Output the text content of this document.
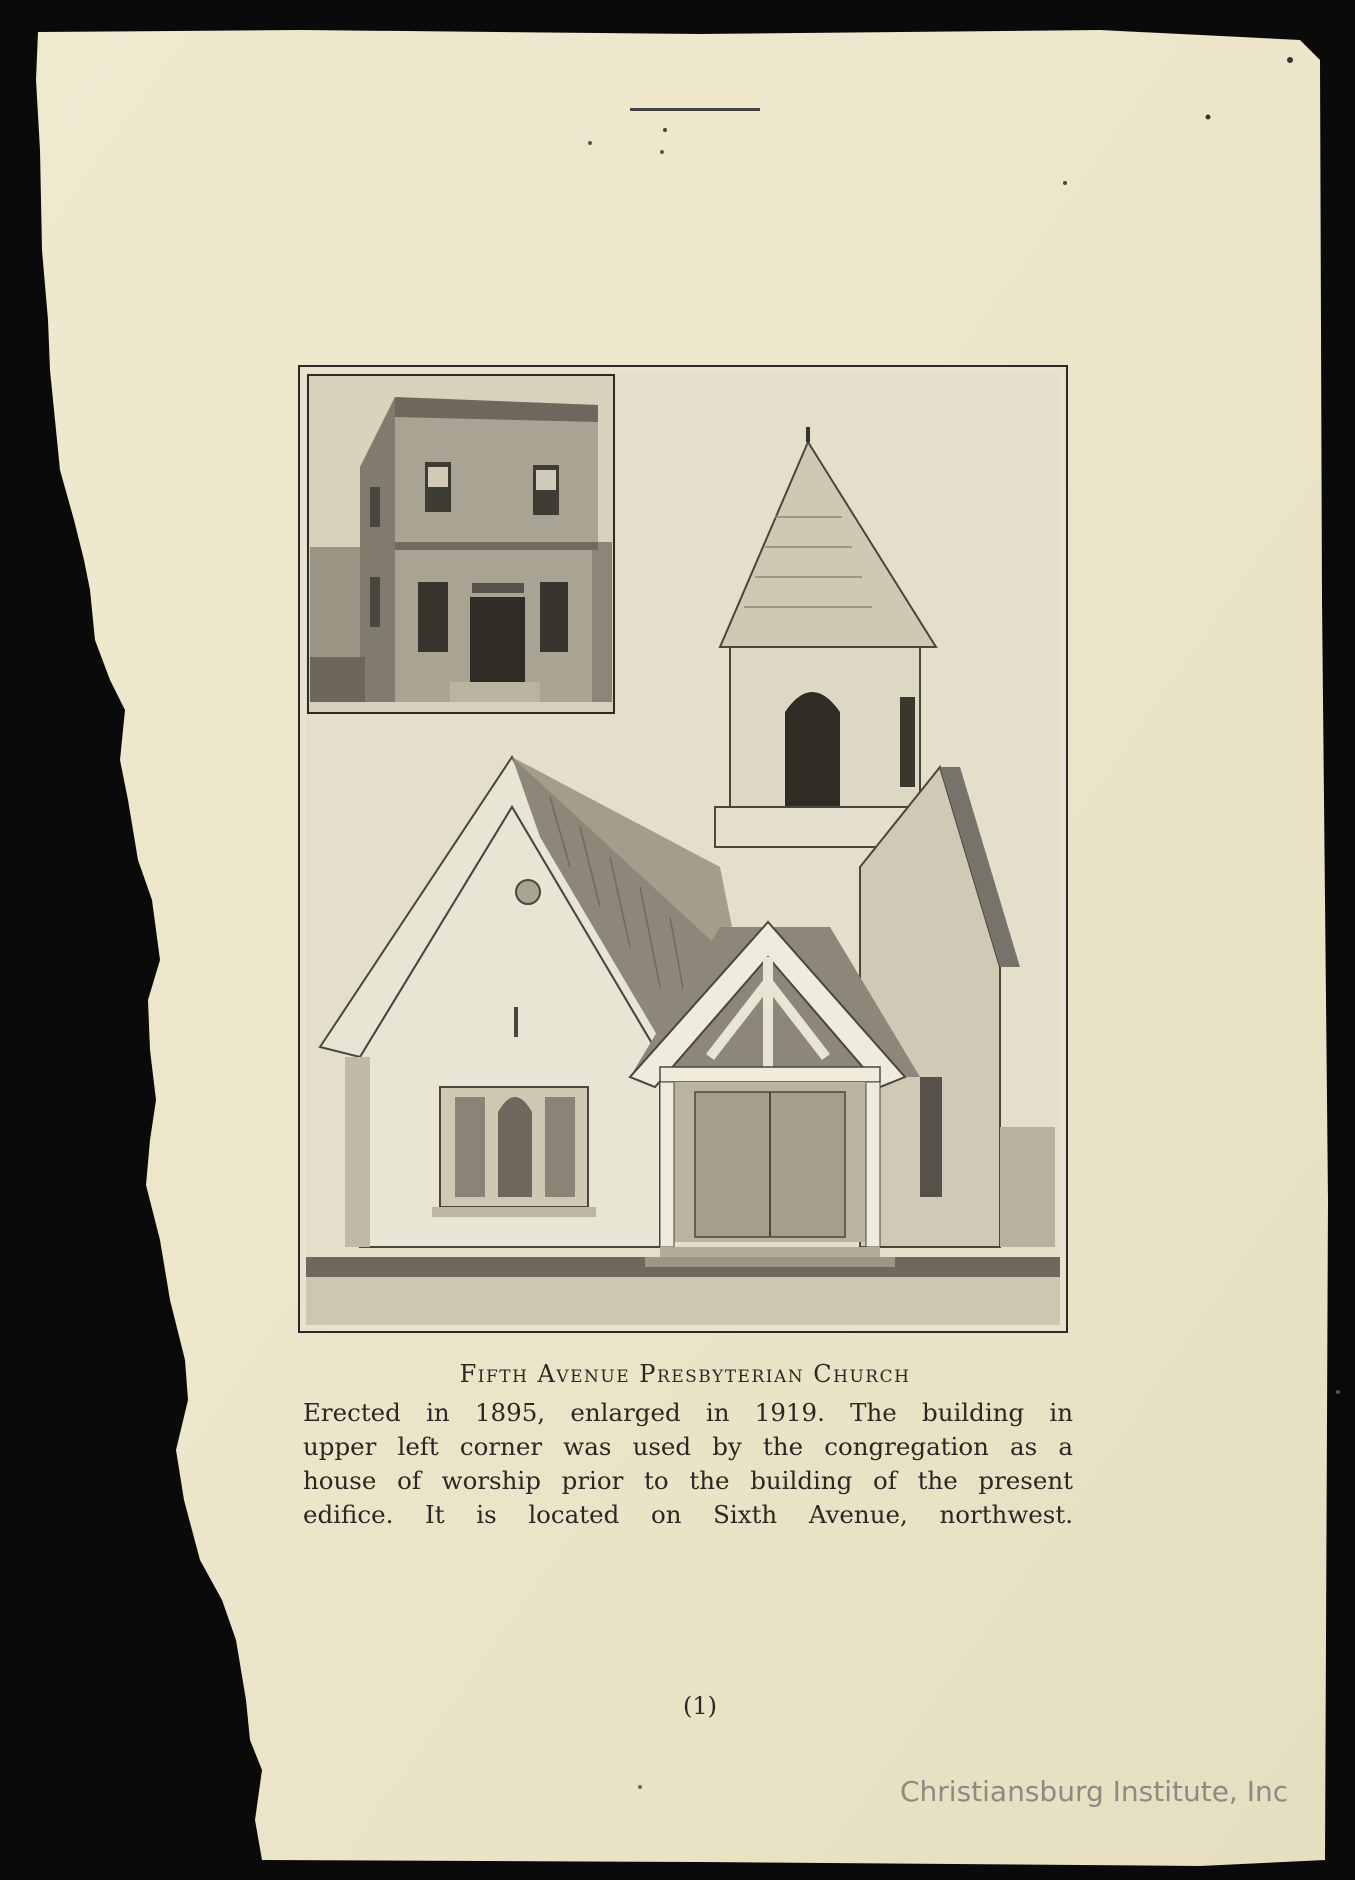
Fifth Avenue Presbyterian Church
Erected in 1895, enlarged in 1919. The building in
upper left corner was used by the congregation as a
house of worship prior to the building of the present
edifice. It is located on Sixth Avenue, northwest.
(1)
Christiansburg Institute, Inc
